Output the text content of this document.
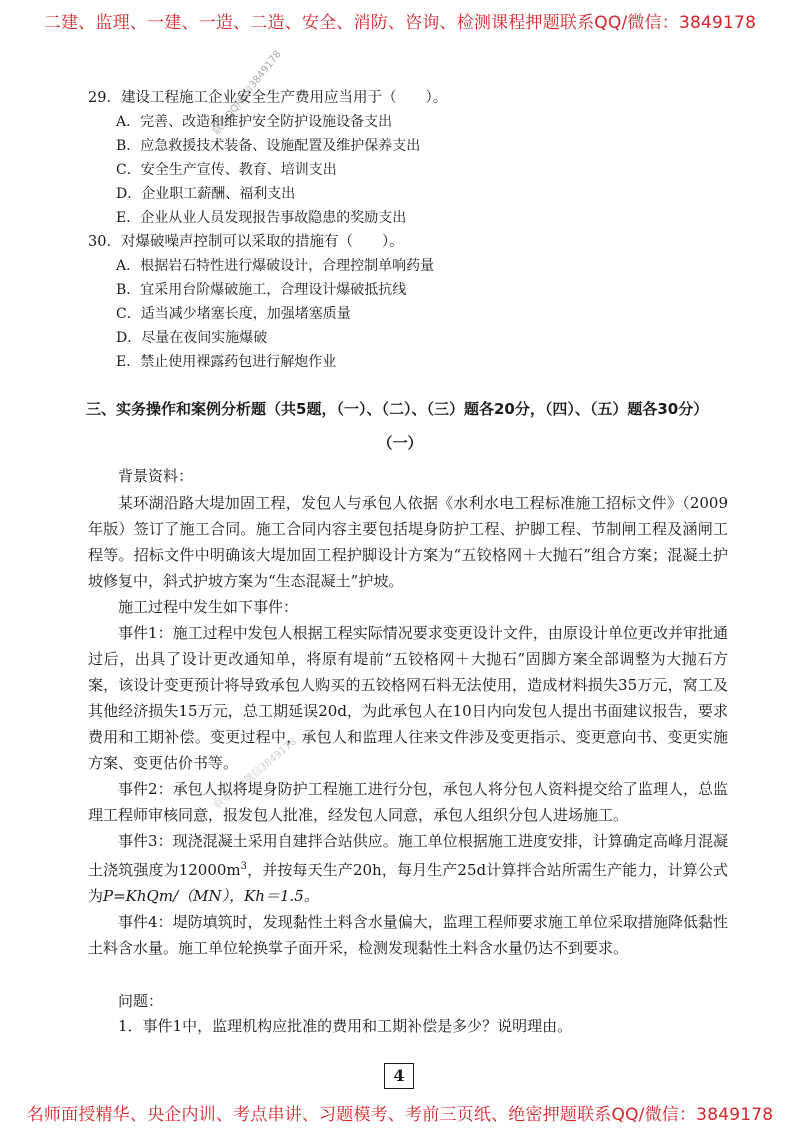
二建、监理、一建、一造、二造、安全、消防、咨询、检测课程押题联系QQ/微信：3849178
联系QQ/微信3849178
联系QQ/微信3849178
29．建设工程施工企业安全生产费用应当用于（　　）。
A．完善、改造和维护安全防护设施设备支出
B．应急救援技术装备、设施配置及维护保养支出
C．安全生产宣传、教育、培训支出
D．企业职工薪酬、福利支出
E．企业从业人员发现报告事故隐患的奖励支出
30．对爆破噪声控制可以采取的措施有（　　）。
A．根据岩石特性进行爆破设计，合理控制单响药量
B．宜采用台阶爆破施工，合理设计爆破抵抗线
C．适当减少堵塞长度，加强堵塞质量
D．尽量在夜间实施爆破
E．禁止使用裸露药包进行解炮作业
三、实务操作和案例分析题（共5题，（一）、（二）、（三）题各20分，（四）、（五）题各30分）
（一）
背景资料：

某环湖沿路大堤加固工程，发包人与承包人依据《水利水电工程标准施工招标文件》（2009年版）签订了施工合同。施工合同内容主要包括堤身防护工程、护脚工程、节制闸工程及涵闸工程等。招标文件中明确该大堤加固工程护脚设计方案为“五铰格网＋大抛石”组合方案；混凝土护坡修复中，斜式护坡方案为“生态混凝土”护坡。

施工过程中发生如下事件：

事件1：施工过程中发包人根据工程实际情况要求变更设计文件，由原设计单位更改并审批通过后，出具了设计更改通知单，将原有堤前“五铰格网＋大抛石”固脚方案全部调整为大抛石方案，该设计变更预计将导致承包人购买的五铰格网石料无法使用，造成材料损失35万元，窝工及其他经济损失15万元，总工期延误20d，为此承包人在10日内向发包人提出书面建议报告，要求费用和工期补偿。变更过程中，承包人和监理人往来文件涉及变更指示、变更意向书、变更实施方案、变更估价书等。

事件2：承包人拟将堤身防护工程施工进行分包，承包人将分包人资料提交给了监理人，总监理工程师审核同意，报发包人批准，经发包人同意，承包人组织分包人进场施工。

事件3：现浇混凝土采用自建拌合站供应。施工单位根据施工进度安排，计算确定高峰月混凝土浇筑强度为$12000m^3$，并按每天生产20h，每月生产25d计算拌合站所需生产能力，计算公式为P=KhQm/（MN），Kh＝1.5。

事件4：堤防填筑时，发现黏性土料含水量偏大，监理工程师要求施工单位采取措施降低黏性土料含水量。施工单位轮换掌子面开采，检测发现黏性土料含水量仍达不到要求。

问题：
1．事件1中，监理机构应批准的费用和工期补偿是多少？说明理由。
4
名师面授精华、央企内训、考点串讲、习题模考、考前三页纸、绝密押题联系QQ/微信：3849178
